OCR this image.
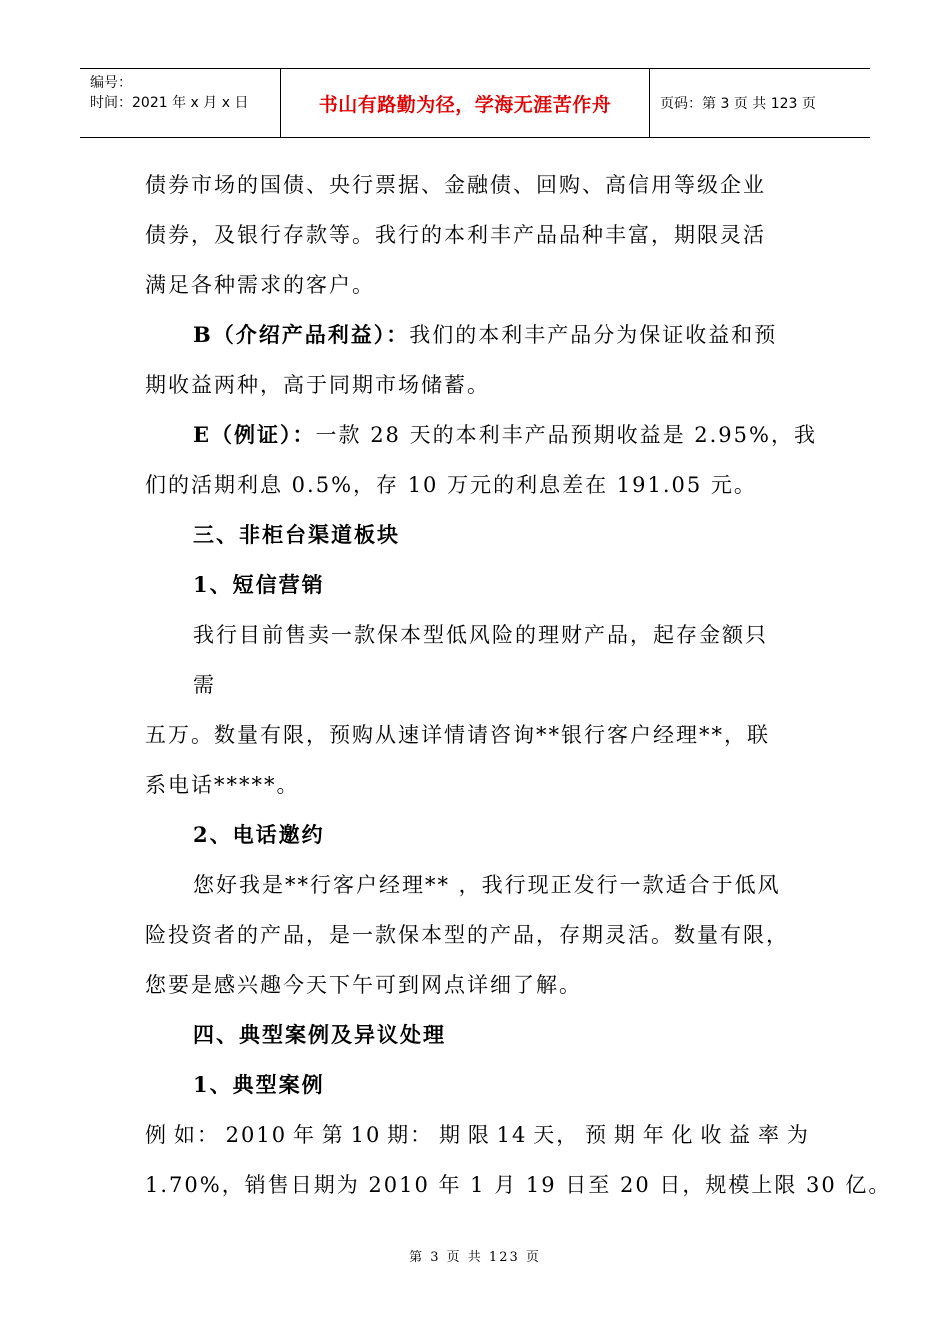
编号：
时间：2021 年 x 月 x 日	书山有路勤为径，学海无涯苦作舟	页码：第 3 页 共 123 页
债券市场的国债、央行票据、金融债、回购、高信用等级企业
债券，及银行存款等。我行的本利丰产品品种丰富，期限灵活
满足各种需求的客户。
B（介绍产品利益）：我们的本利丰产品分为保证收益和预
期收益两种，高于同期市场储蓄。
E（例证）：一款 28 天的本利丰产品预期收益是 2.95%，我
们的活期利息 0.5%，存 10 万元的利息差在 191.05 元。
三、非柜台渠道板块
1、短信营销
我行目前售卖一款保本型低风险的理财产品，起存金额只
需
五万。数量有限，预购从速详情请咨询**银行客户经理**，联
系电话*****。
2、电话邀约
您好我是**行客户经理** ，我行现正发行一款适合于低风
险投资者的产品，是一款保本型的产品，存期灵活。数量有限，
您要是感兴趣今天下午可到网点详细了解。
四、典型案例及异议处理
1、典型案例
例 如： 2010 年 第 10 期： 期 限 14 天， 预 期 年 化 收 益 率 为
1.70%，销售日期为 2010 年 1 月 19 日至 20 日，规模上限 30 亿。
第 3 页 共 123 页
